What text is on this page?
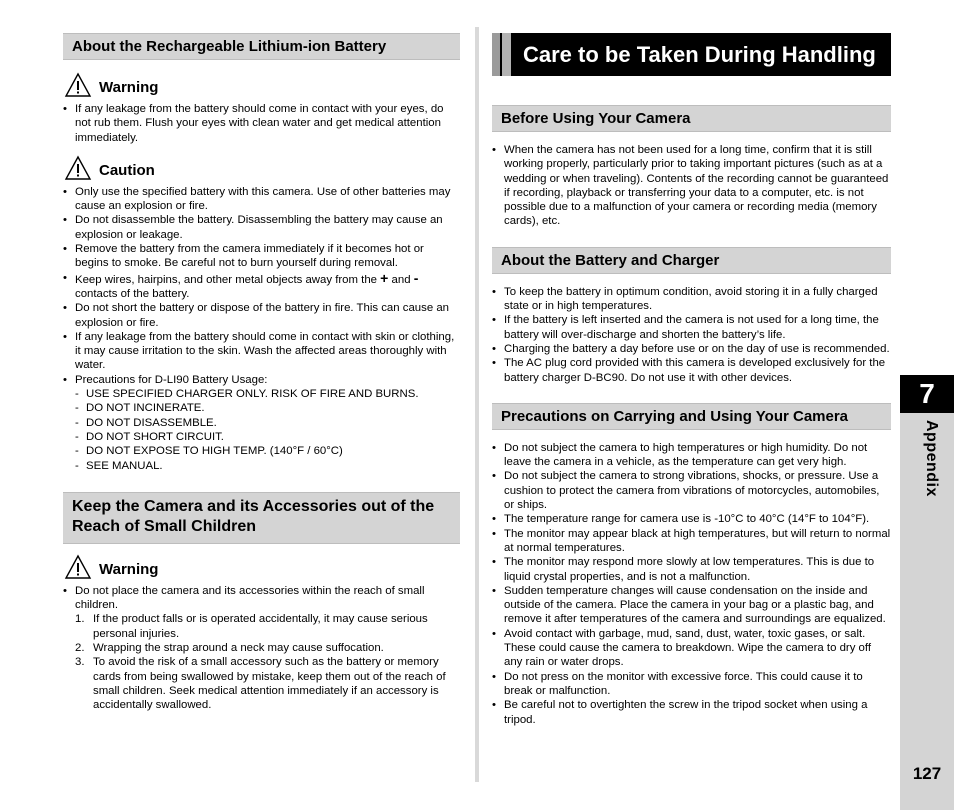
About the Rechargeable Lithium-ion Battery
Warning
• If any leakage from the battery should come in contact with your eyes, do not rub them. Flush your eyes with clean water and get medical attention immediately.
Caution
• Only use the specified battery with this camera. Use of other batteries may cause an explosion or fire.
• Do not disassemble the battery. Disassembling the battery may cause an explosion or leakage.
• Remove the battery from the camera immediately if it becomes hot or begins to smoke. Be careful not to burn yourself during removal.
• Keep wires, hairpins, and other metal objects away from the + and -
contacts of the battery.
• Do not short the battery or dispose of the battery in fire. This can cause an explosion or fire.
• If any leakage from the battery should come in contact with skin or clothing, it may cause irritation to the skin. Wash the affected areas thoroughly with water.
• Precautions for D-LI90 Battery Usage:
- USE SPECIFIED CHARGER ONLY. RISK OF FIRE AND BURNS.
- DO NOT INCINERATE.
- DO NOT DISASSEMBLE.
- DO NOT SHORT CIRCUIT.
- DO NOT EXPOSE TO HIGH TEMP. (140°F / 60°C)
- SEE MANUAL.
Keep the Camera and its Accessories out of the Reach of Small Children
Warning
• Do not place the camera and its accessories within the reach of small children.
1. If the product falls or is operated accidentally, it may cause serious personal injuries.
2. Wrapping the strap around a neck may cause suffocation.
3. To avoid the risk of a small accessory such as the battery or memory cards from being swallowed by mistake, keep them out of the reach of small children. Seek medical attention immediately if an accessory is accidentally swallowed.
Care to be Taken During Handling
Before Using Your Camera
• When the camera has not been used for a long time, confirm that it is still working properly, particularly prior to taking important pictures (such as at a wedding or when traveling). Contents of the recording cannot be guaranteed if recording, playback or transferring your data to a computer, etc. is not possible due to a malfunction of your camera or recording media (memory cards), etc.
About the Battery and Charger
• To keep the battery in optimum condition, avoid storing it in a fully charged state or in high temperatures.
• If the battery is left inserted and the camera is not used for a long time, the battery will over-discharge and shorten the battery’s life.
• Charging the battery a day before use or on the day of use is recommended.
• The AC plug cord provided with this camera is developed exclusively for the battery charger D-BC90. Do not use it with other devices.
Precautions on Carrying and Using Your Camera
• Do not subject the camera to high temperatures or high humidity. Do not leave the camera in a vehicle, as the temperature can get very high.
• Do not subject the camera to strong vibrations, shocks, or pressure. Use a cushion to protect the camera from vibrations of motorcycles, automobiles, or ships.
• The temperature range for camera use is -10°C to 40°C (14°F to 104°F).
• The monitor may appear black at high temperatures, but will return to normal at normal temperatures.
• The monitor may respond more slowly at low temperatures. This is due to liquid crystal properties, and is not a malfunction.
• Sudden temperature changes will cause condensation on the inside and outside of the camera. Place the camera in your bag or a plastic bag, and remove it after temperatures of the camera and surroundings are equalized.
• Avoid contact with garbage, mud, sand, dust, water, toxic gases, or salt. These could cause the camera to breakdown. Wipe the camera to dry off any rain or water drops.
• Do not press on the monitor with excessive force. This could cause it to break or malfunction.
• Be careful not to overtighten the screw in the tripod socket when using a tripod.
7
Appendix
127
